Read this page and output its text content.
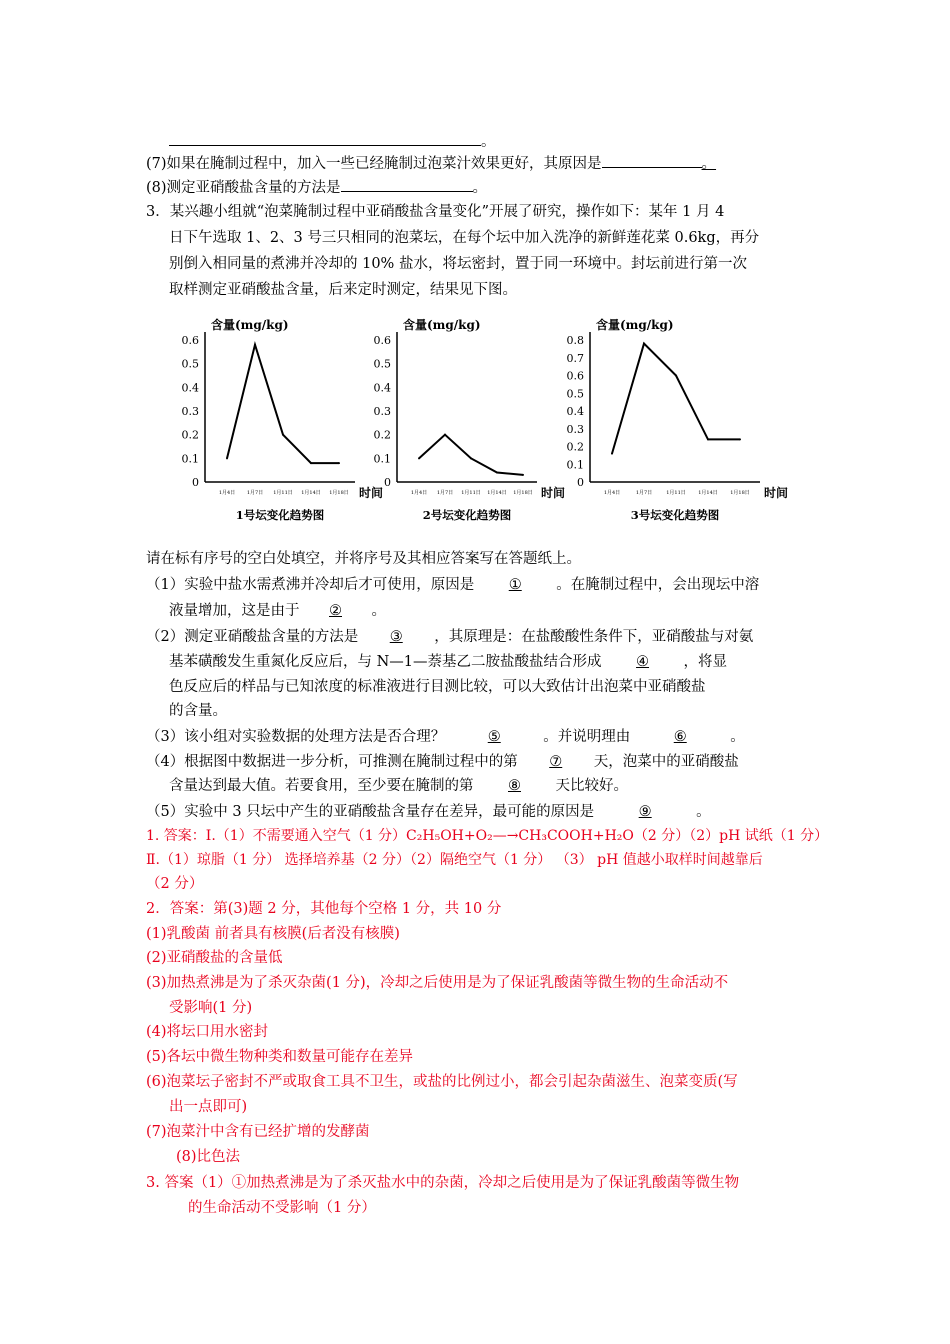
。
(7)如果在腌制过程中，加入一些已经腌制过泡菜汁效果更好，其原因是	。
(8)测定亚硝酸盐含量的方法是	。
3．某兴趣小组就“泡菜腌制过程中亚硝酸盐含量变化”开展了研究，操作如下：某年 1 月 4
日下午选取 1、2、3 号三只相同的泡菜坛，在每个坛中加入洗净的新鲜莲花菜 0.6kg，再分
别倒入相同量的煮沸并冷却的 10% 盐水，将坛密封，置于同一环境中。封坛前进行第一次
取样测定亚硝酸盐含量，后来定时测定，结果见下图。
含量(mg/kg)
0.6
0.5
0.4
0.3
0.2
0.1
0
1月4日 1月7日 1月11日 1月14日 1月18日 时间
1号坛变化趋势图
含量(mg/kg)
0.6
0.5
0.4
0.3
0.2
0.1
0
1月4日 1月7日 1月11日 1月14日 1月18日 时间
2号坛变化趋势图
含量(mg/kg)
0.8
0.7
0.6
0.5
0.4
0.3
0.2
0.1
0
1月4日	1月7日	1月11日 1月14日 1月18日 时间
3号坛变化趋势图
请在标有序号的空白处填空，并将序号及其相应答案写在答题纸上。
（1）实验中盐水需煮沸并冷却后才可使用，原因是 ① 。在腌制过程中，会出现坛中溶
液量增加，这是由于 ② 。
（2）测定亚硝酸盐含量的方法是 ③ ，其原理是：在盐酸酸性条件下，亚硝酸盐与对氨
基苯磺酸发生重氮化反应后，与 N—1—萘基乙二胺盐酸盐结合形成 ④ ，将显
色反应后的样品与已知浓度的标准液进行目测比较，可以大致估计出泡菜中亚硝酸盐
的含量。
（3）该小组对实验数据的处理方法是否合理？	⑤	。并说明理由	⑥	。
（4）根据图中数据进一步分析，可推测在腌制过程中的第 ⑦ 天，泡菜中的亚硝酸盐
含量达到最大值。若要食用，至少要在腌制的第 ⑧ 天比较好。
（5）实验中 3 只坛中产生的亚硝酸盐含量存在差异，最可能的原因是	⑨	。
1. 答案：Ⅰ.（1）不需要通入空气（1 分）C₂H₅OH+O₂—→CH₃COOH+H₂O（2 分）（2）pH 试纸（1 分）
Ⅱ.（1）琼脂（1 分） 选择培养基（2 分）（2）隔绝空气（1 分） （3） pH 值越小取样时间越靠后
（2 分）
2．答案：第(3)题 2 分，其他每个空格 1 分，共 10 分
(1)乳酸菌 前者具有核膜(后者没有核膜)
(2)亚硝酸盐的含量低
(3)加热煮沸是为了杀灭杂菌(1 分)，冷却之后使用是为了保证乳酸菌等微生物的生命活动不
受影响(1 分)
(4)将坛口用水密封
(5)各坛中微生物种类和数量可能存在差异
(6)泡菜坛子密封不严或取食工具不卫生，或盐的比例过小，都会引起杂菌滋生、泡菜变质(写
出一点即可)
(7)泡菜汁中含有已经扩增的发酵菌
(8)比色法
3. 答案（1）①加热煮沸是为了杀灭盐水中的杂菌，冷却之后使用是为了保证乳酸菌等微生物
的生命活动不受影响（1 分）
